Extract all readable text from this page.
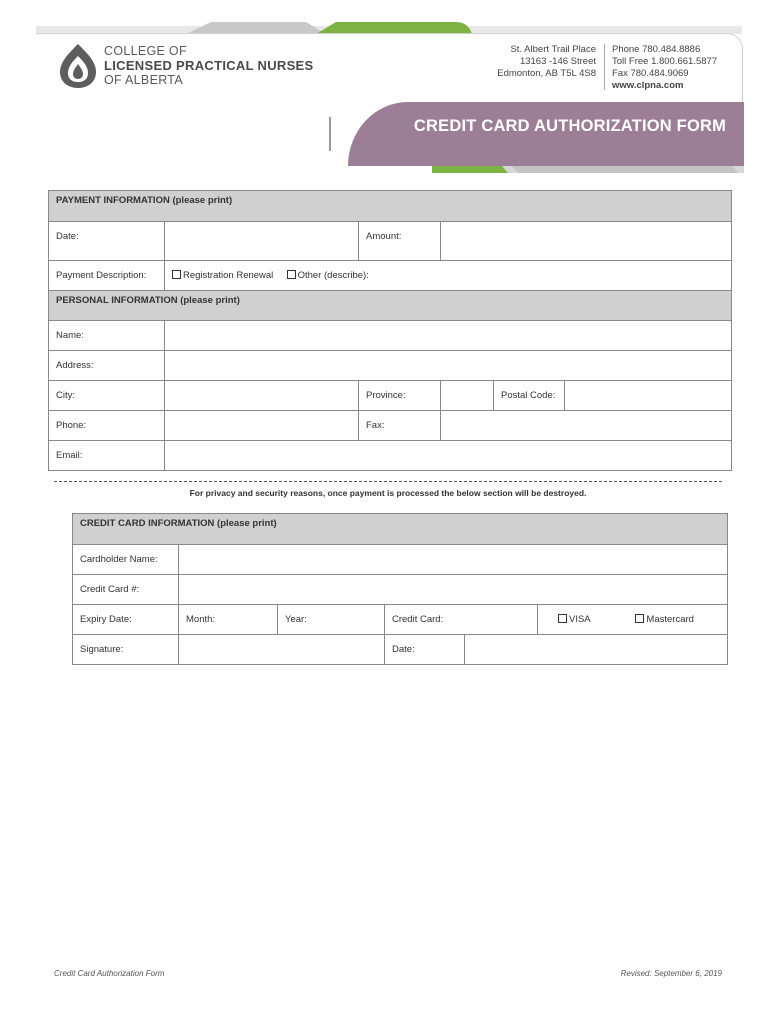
COLLEGE OF
LICENSED PRACTICAL NURSES
OF ALBERTA
St. Albert Trail Place
13163 -146 Street
Edmonton, AB T5L 4S8
Phone 780.484.8886
Toll Free 1.800.661.5877
Fax 780.484.9069
www.clpna.com
CREDIT CARD AUTHORIZATION FORM
PAYMENT INFORMATION (please print)					
Date:		Amount:			
Payment Description:	Registration Renewal Other (describe):				
PERSONAL INFORMATION (please print)					
Name:					
Address:					
City:		Province:		Postal Code:	
Phone:		Fax:			
Email:					
For privacy and security reasons, once payment is processed the below section will be destroyed.
CREDIT CARD INFORMATION (please print)					
Cardholder Name:					
Credit Card #:					
Expiry Date:	Month:	Year:	Credit Card:		VISA Mastercard
Signature:			Date:		
Credit Card Authorization Form	Revised: September 6, 2019
